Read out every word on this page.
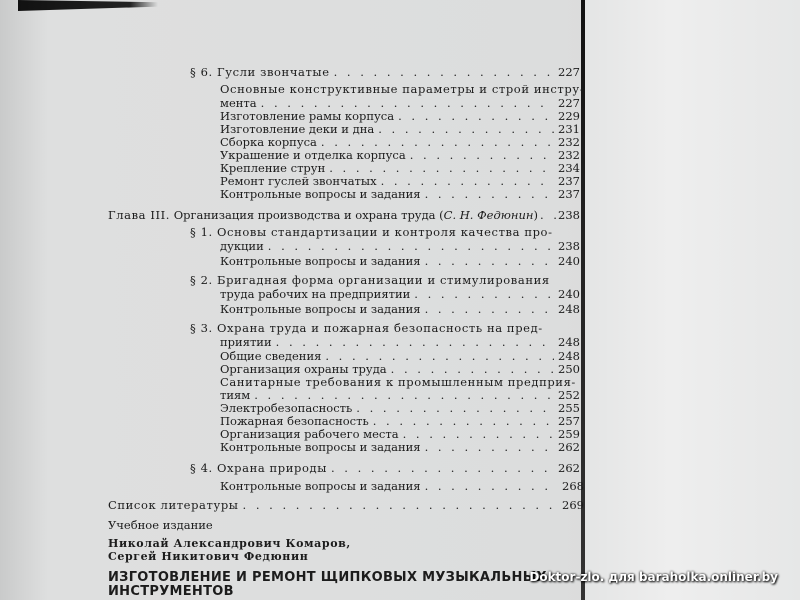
§ 6. Гусли звончатые . . .	227
Основные конструктивные параметры и строй инстру-
мента . . .	227
Изготовление рамы корпуса . . .	229
Изготовление деки и дна . . .	231
Сборка корпуса . . .	232
Украшение и отделка корпуса . . .	232
Крепление струн . . .	234
Ремонт гуслей звончатых . . .	237
Контрольные вопросы и задания . . .	237
Глава III. Организация производства и охрана труда (С. Н. Федюнин) . . . 238
§ 1. Основы стандартизации и контроля качества про-
дукции . . .	238
Контрольные вопросы и задания . . .	240
§ 2. Бригадная форма организации и стимулирования
труда рабочих на предприятии . . .	240
Контрольные вопросы и задания . . .	248
§ 3. Охрана труда и пожарная безопасность на пред-
приятии . . .	248
Общие сведения . . .	248
Организация охраны труда . . .	250
Санитарные требования к промышленным предприя-
тиям . . .	252
Электробезопасность . . .	255
Пожарная безопасность . . .	257
Организация рабочего места . . .	259
Контрольные вопросы и задания . . .	262
§ 4. Охрана природы . . .	262
Контрольные вопросы и задания . . .	268
Список литературы . . .	269
Учебное издание
Николай Александрович Комаров,
Сергей Никитович Федюнин
ИЗГОТОВЛЕНИЕ И РЕМОНТ ЩИПКОВЫХ МУЗЫКАЛЬНЫХ
ИНСТРУМЕНТОВ
Doktor-zlo. для baraholka.onliner.by
